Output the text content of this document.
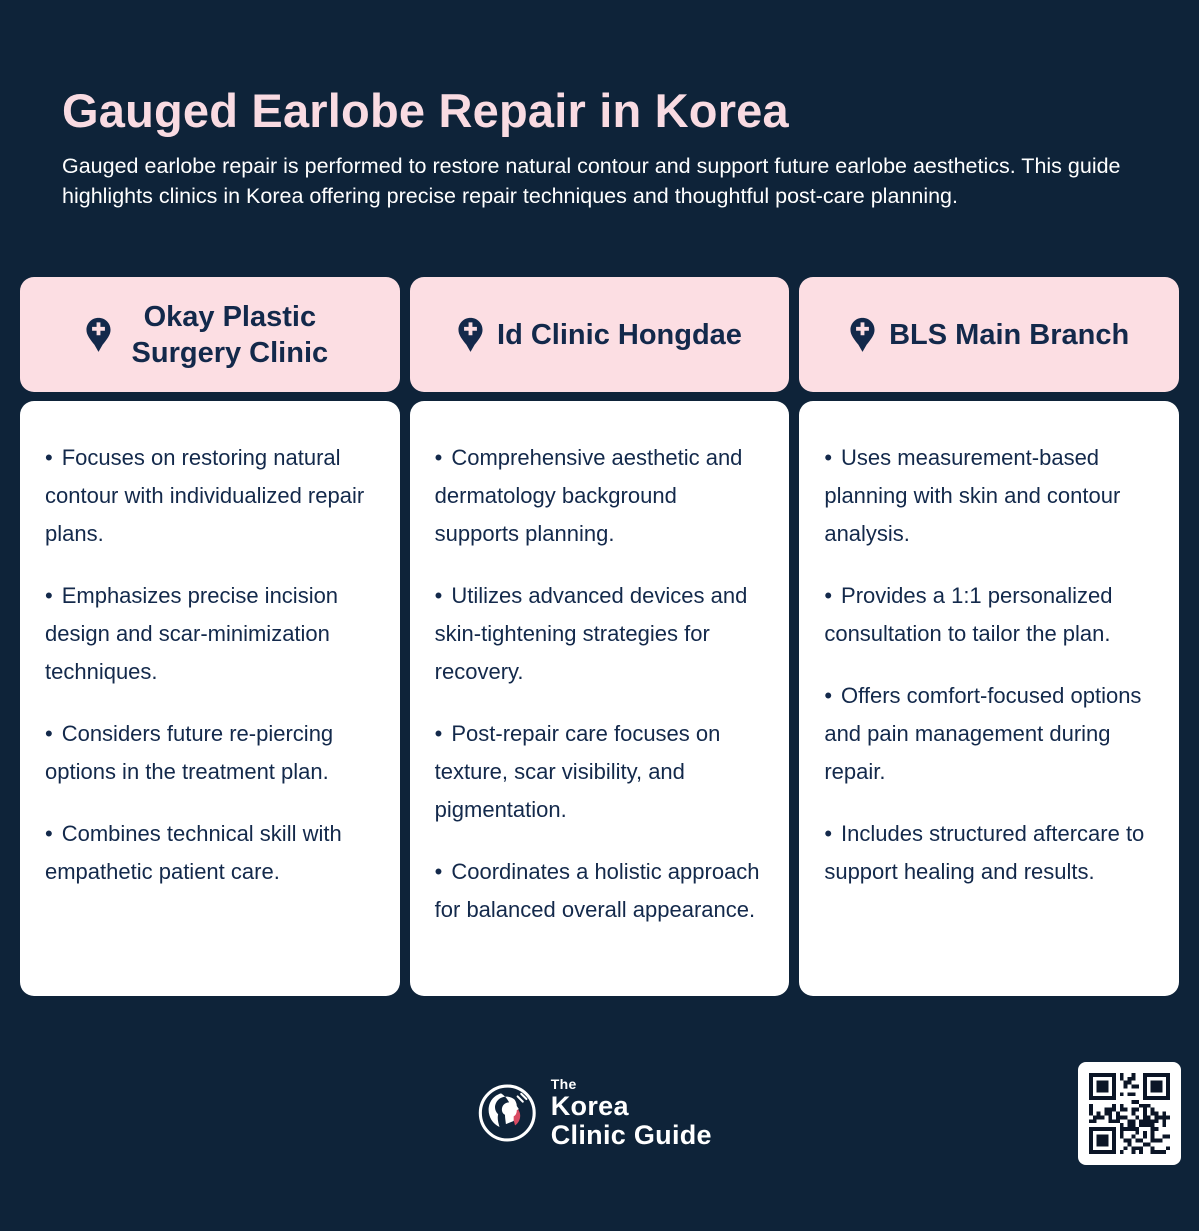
Gauged Earlobe Repair in Korea

Gauged earlobe repair is performed to restore natural contour and support future earlobe aesthetics. This guide highlights clinics in Korea offering precise repair techniques and thoughtful post-care planning.

Okay Plastic Surgery Clinic

• Focuses on restoring natural contour with individualized repair plans.

• Emphasizes precise incision design and scar-minimization techniques.

• Considers future re-piercing options in the treatment plan.

• Combines technical skill with empathetic patient care.

Id Clinic Hongdae

• Comprehensive aesthetic and dermatology background supports planning.

• Utilizes advanced devices and skin-tightening strategies for recovery.

• Post-repair care focuses on texture, scar visibility, and pigmentation.

• Coordinates a holistic approach for balanced overall appearance.

BLS Main Branch

• Uses measurement-based planning with skin and contour analysis.

• Provides a 1:1 personalized consultation to tailor the plan.

• Offers comfort-focused options and pain management during repair.

• Includes structured aftercare to support healing and results.

The
Korea
Clinic Guide
